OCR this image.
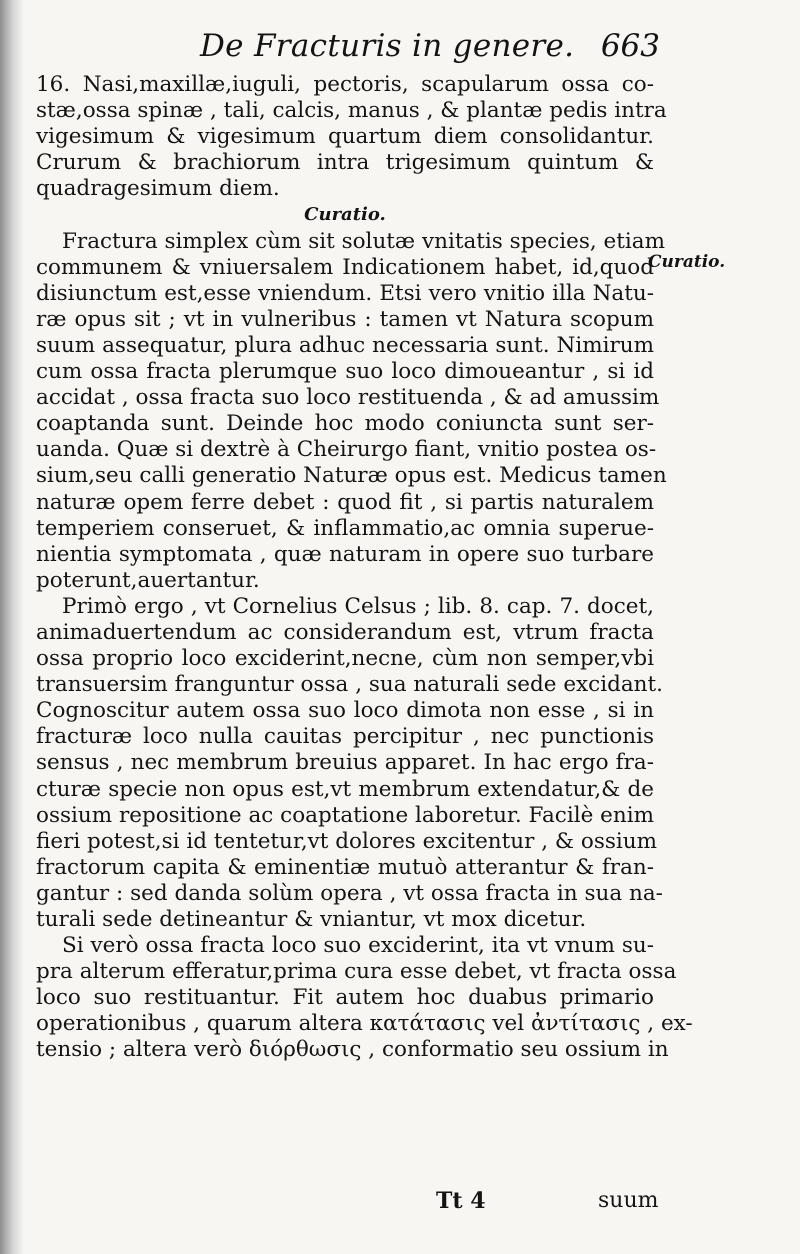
De Fracturis in genere. 663
Curatio.
16. Nasi,maxillæ,iuguli, pectoris, scapularum ossa co-
stæ,ossa spinæ , tali, calcis, manus , & plantæ pedis intra
vigesimum & vigesimum quartum diem consolidantur.
Crurum & brachiorum intra trigesimum quintum &
quadragesimum diem.
Curatio.
Fractura simplex cùm sit solutæ vnitatis species, etiam
communem & vniuersalem Indicationem habet, id,quod
disiunctum est,esse vniendum. Etsi vero vnitio illa Natu-
ræ opus sit ; vt in vulneribus : tamen vt Natura scopum
suum assequatur, plura adhuc necessaria sunt. Nimirum
cum ossa fracta plerumque suo loco dimoueantur , si id
accidat , ossa fracta suo loco restituenda , & ad amussim
coaptanda sunt. Deinde hoc modo coniuncta sunt ser-
uanda. Quæ si dextrè à Cheirurgo fiant, vnitio postea os-
sium,seu calli generatio Naturæ opus est. Medicus tamen
naturæ opem ferre debet : quod fit , si partis naturalem
temperiem conseruet, & inflammatio,ac omnia superue-
nientia symptomata , quæ naturam in opere suo turbare
poterunt,auertantur.
Primò ergo , vt Cornelius Celsus ; lib. 8. cap. 7. docet,
animaduertendum ac considerandum est, vtrum fracta
ossa proprio loco exciderint,necne, cùm non semper,vbi
transuersim franguntur ossa , sua naturali sede excidant.
Cognoscitur autem ossa suo loco dimota non esse , si in
fracturæ loco nulla cauitas percipitur , nec punctionis
sensus , nec membrum breuius apparet. In hac ergo fra-
cturæ specie non opus est,vt membrum extendatur,& de
ossium repositione ac coaptatione laboretur. Facilè enim
fieri potest,si id tentetur,vt dolores excitentur , & ossium
fractorum capita & eminentiæ mutuò atterantur & fran-
gantur : sed danda solùm opera , vt ossa fracta in sua na-
turali sede detineantur & vniantur, vt mox dicetur.
Si verò ossa fracta loco suo exciderint, ita vt vnum su-
pra alterum efferatur,prima cura esse debet, vt fracta ossa
loco suo restituantur. Fit autem hoc duabus primario
operationibus , quarum altera κατάτασις vel ἀντίτασις , ex-
tensio ; altera verò διόρθωσις , conformatio seu ossium in
Tt 4	suum
